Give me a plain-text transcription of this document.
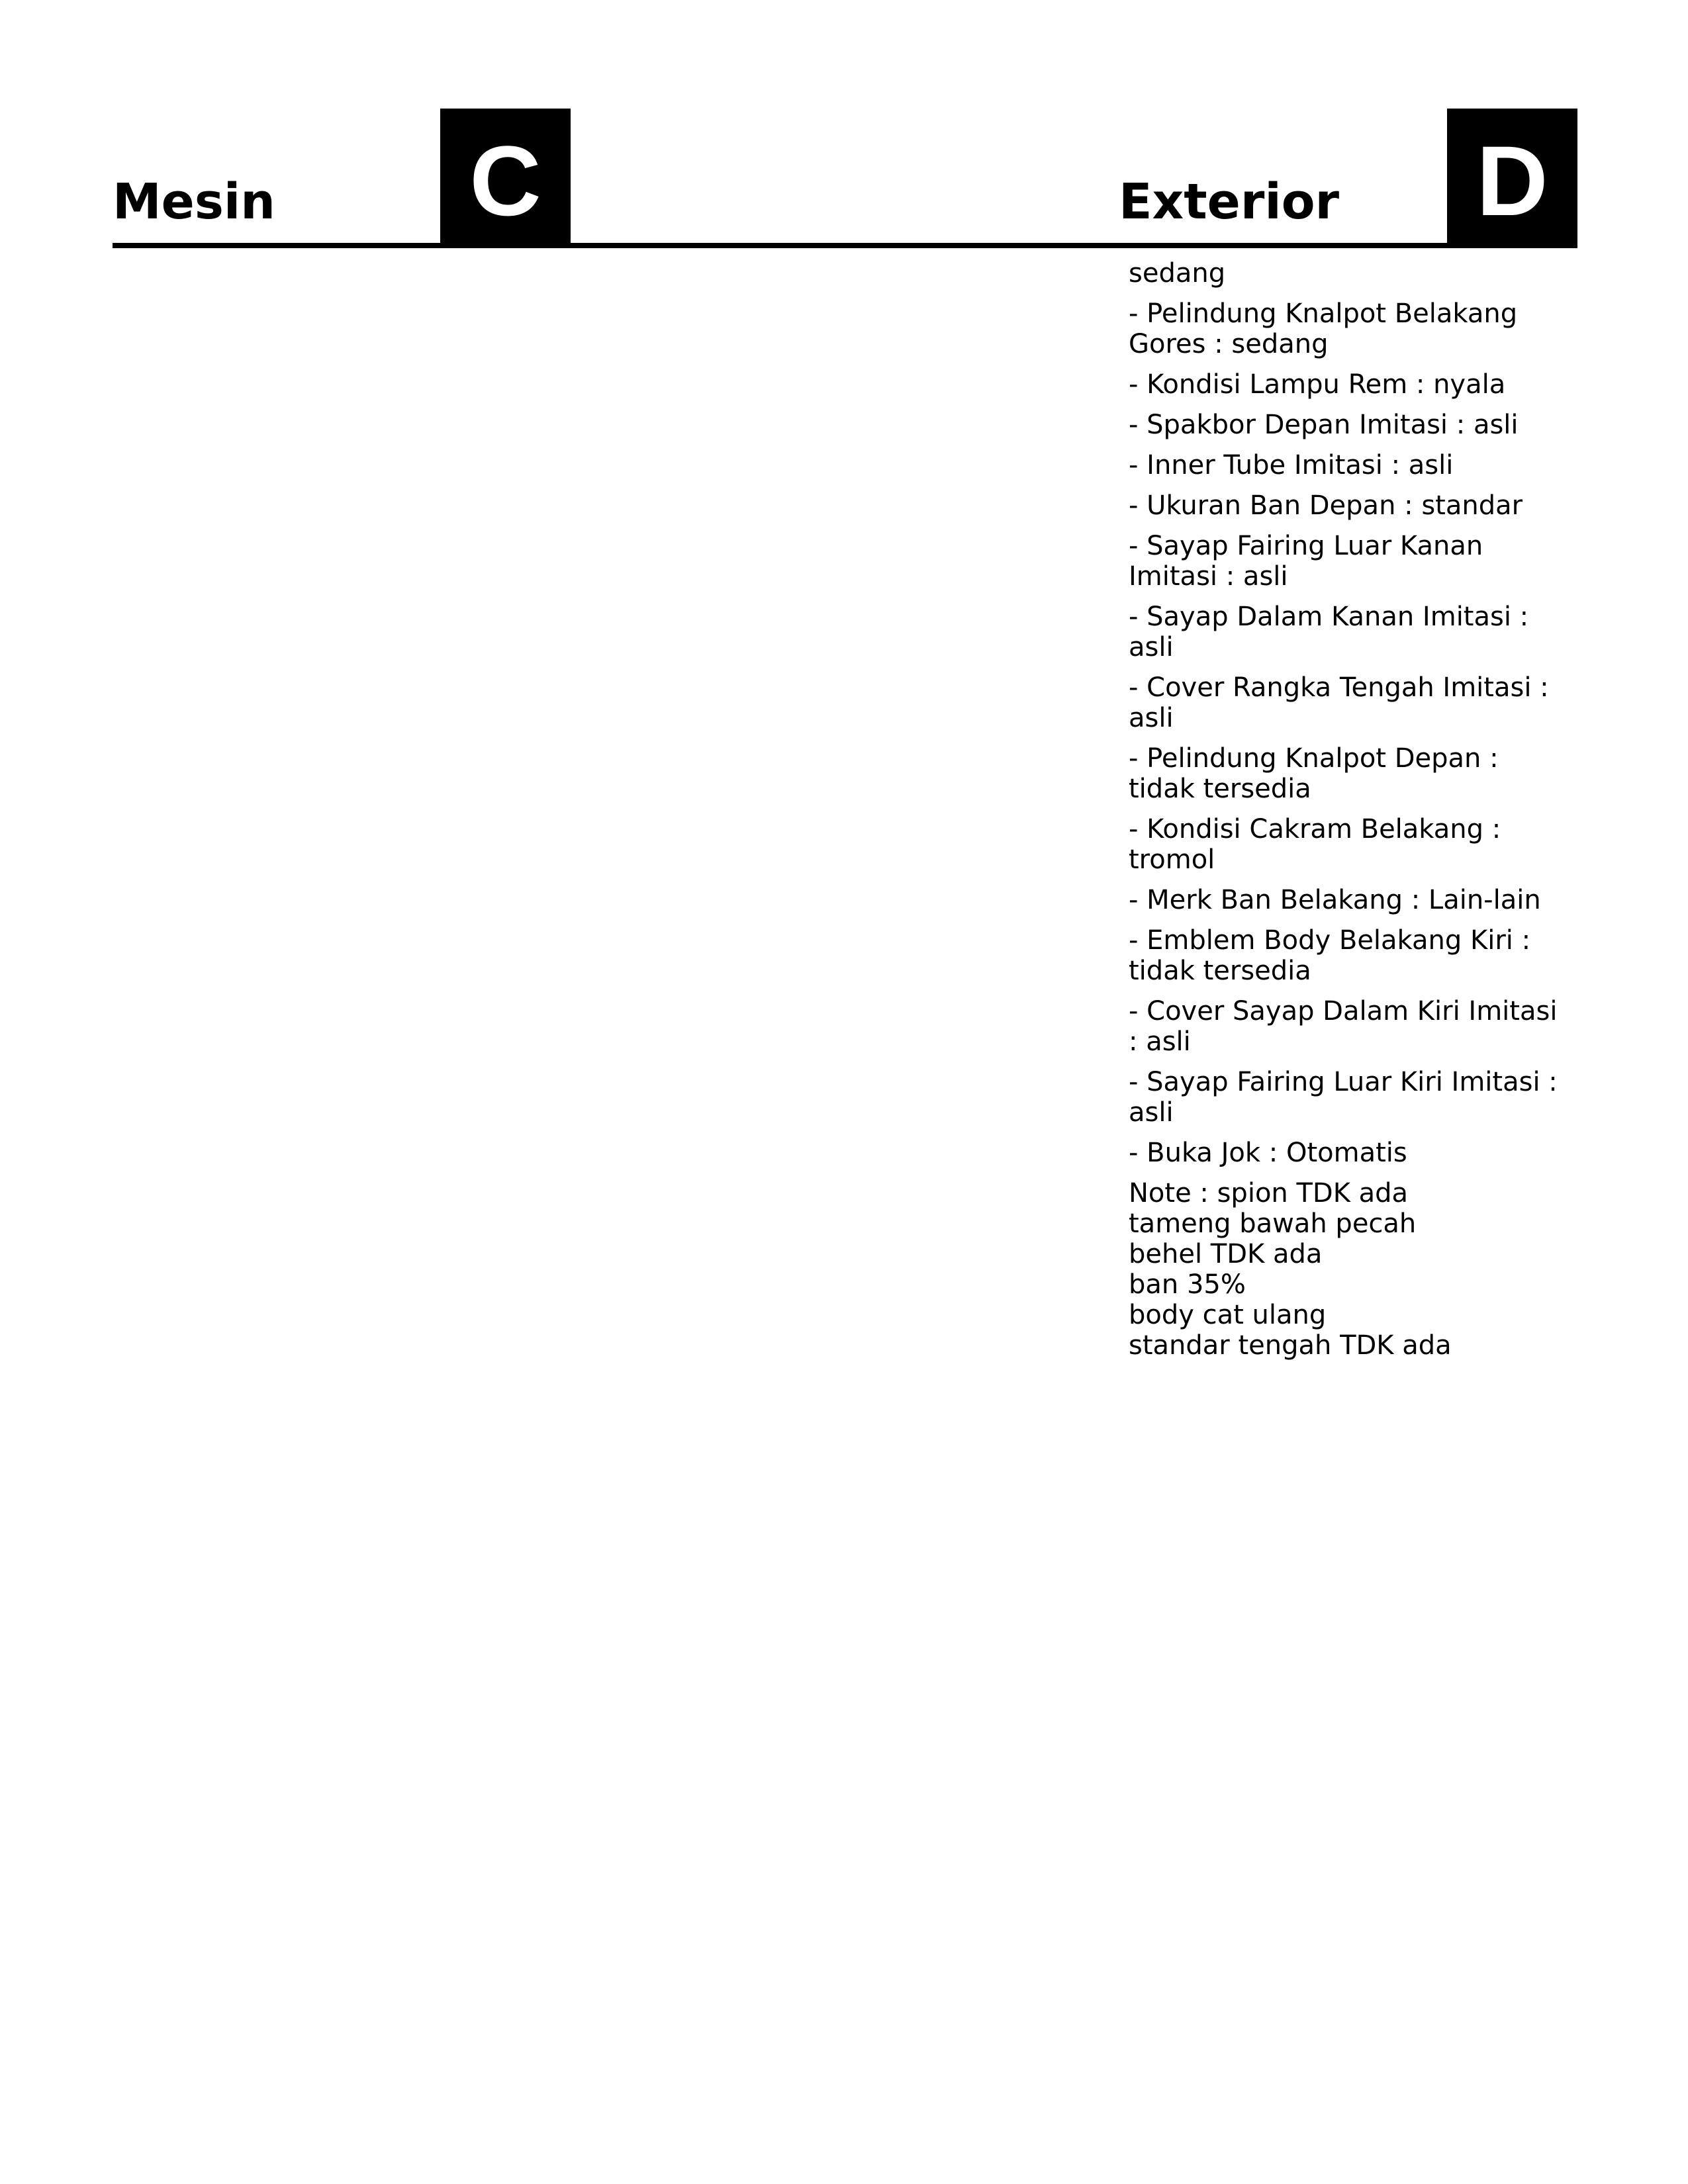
Mesin C	Exterior D
sedang
- Pelindung Knalpot Belakang Gores : sedang
- Kondisi Lampu Rem : nyala
- Spakbor Depan Imitasi : asli
- Inner Tube Imitasi : asli
- Ukuran Ban Depan : standar
- Sayap Fairing Luar Kanan Imitasi : asli
- Sayap Dalam Kanan Imitasi : asli
- Cover Rangka Tengah Imitasi : asli
- Pelindung Knalpot Depan : tidak tersedia
- Kondisi Cakram Belakang : tromol
- Merk Ban Belakang : Lain-lain
- Emblem Body Belakang Kiri : tidak tersedia
- Cover Sayap Dalam Kiri Imitasi : asli
- Sayap Fairing Luar Kiri Imitasi : asli
- Buka Jok : Otomatis
Note : spion TDK ada
tameng bawah pecah
behel TDK ada
ban 35%
body cat ulang
standar tengah TDK ada
